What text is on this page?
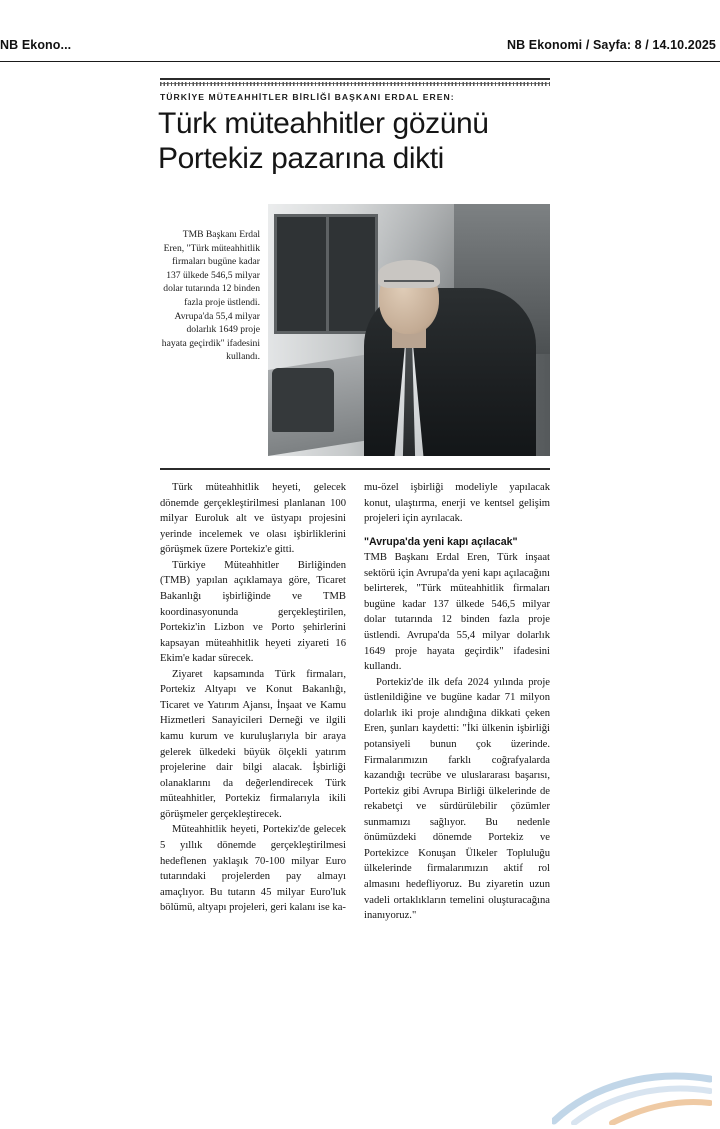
NB Ekono...	NB Ekonomi / Sayfa: 8 / 14.10.2025
TÜRKİYE MÜTEAHHİTLER BİRLİĞİ BAŞKANI ERDAL EREN:
Türk müteahhitler gözünü Portekiz pazarına dikti
TMB Başkanı Erdal Eren, "Türk müteahhitlik firmaları bugüne kadar 137 ülkede 546,5 milyar dolar tutarında 12 binden fazla proje üstlendi. Avrupa'da 55,4 milyar dolarlık 1649 proje hayata geçirdik" ifadesini kullandı.

Türk müteahhitlik heyeti, gelecek dönemde gerçekleştirilmesi planlanan 100 milyar Euroluk alt ve üstyapı projesini yerinde incelemek ve olası işbirliklerini görüşmek üzere Portekiz'e gitti.

Türkiye Müteahhitler Birliğinden (TMB) yapılan açıklamaya göre, Ticaret Bakanlığı işbirliğinde ve TMB koordinasyonunda gerçekleştirilen, Portekiz'in Lizbon ve Porto şehirlerini kapsayan müteahhitlik heyeti ziyareti 16 Ekim'e kadar sürecek.

Ziyaret kapsamında Türk firmaları, Portekiz Altyapı ve Konut Bakanlığı, Ticaret ve Yatırım Ajansı, İnşaat ve Kamu Hizmetleri Sanayicileri Derneği ve ilgili kamu kurum ve kuruluşlarıyla bir araya gelerek ülkedeki büyük ölçekli yatırım projelerine dair bilgi alacak. İşbirliği olanaklarını da değerlendirecek Türk müteahhitler, Portekiz firmalarıyla ikili görüşmeler gerçekleştirecek.

Müteahhitlik heyeti, Portekiz'de gelecek 5 yıllık dönemde gerçekleştirilmesi hedeflenen yaklaşık 70-100 milyar Euro tutarındaki projelerden pay almayı amaçlıyor. Bu tutarın 45 milyar Euro'luk bölümü, altyapı projeleri, geri kalanı ise ka-

mu-özel işbirliği modeliyle yapılacak konut, ulaştırma, enerji ve kentsel gelişim projeleri için ayrılacak.

"Avrupa'da yeni kapı açılacak"

TMB Başkanı Erdal Eren, Türk inşaat sektörü için Avrupa'da yeni kapı açılacağını belirterek, "Türk müteahhitlik firmaları bugüne kadar 137 ülkede 546,5 milyar dolar tutarında 12 binden fazla proje üstlendi. Avrupa'da 55,4 milyar dolarlık 1649 proje hayata geçirdik" ifadesini kullandı.

Portekiz'de ilk defa 2024 yılında proje üstlenildiğine ve bugüne kadar 71 milyon dolarlık iki proje alındığına dikkati çeken Eren, şunları kaydetti: "İki ülkenin işbirliği potansiyeli bunun çok üzerinde. Firmalarımızın farklı coğrafyalarda kazandığı tecrübe ve uluslararası başarısı, Portekiz gibi Avrupa Birliği ülkelerinde de rekabetçi ve sürdürülebilir çözümler sunmamızı sağlıyor. Bu nedenle önümüzdeki dönemde Portekiz ve Portekizce Konuşan Ülkeler Topluluğu ülkelerinde firmalarımızın aktif rol almasını hedefliyoruz. Bu ziyaretin uzun vadeli ortaklıkların temelini oluşturacağına inanıyoruz."
